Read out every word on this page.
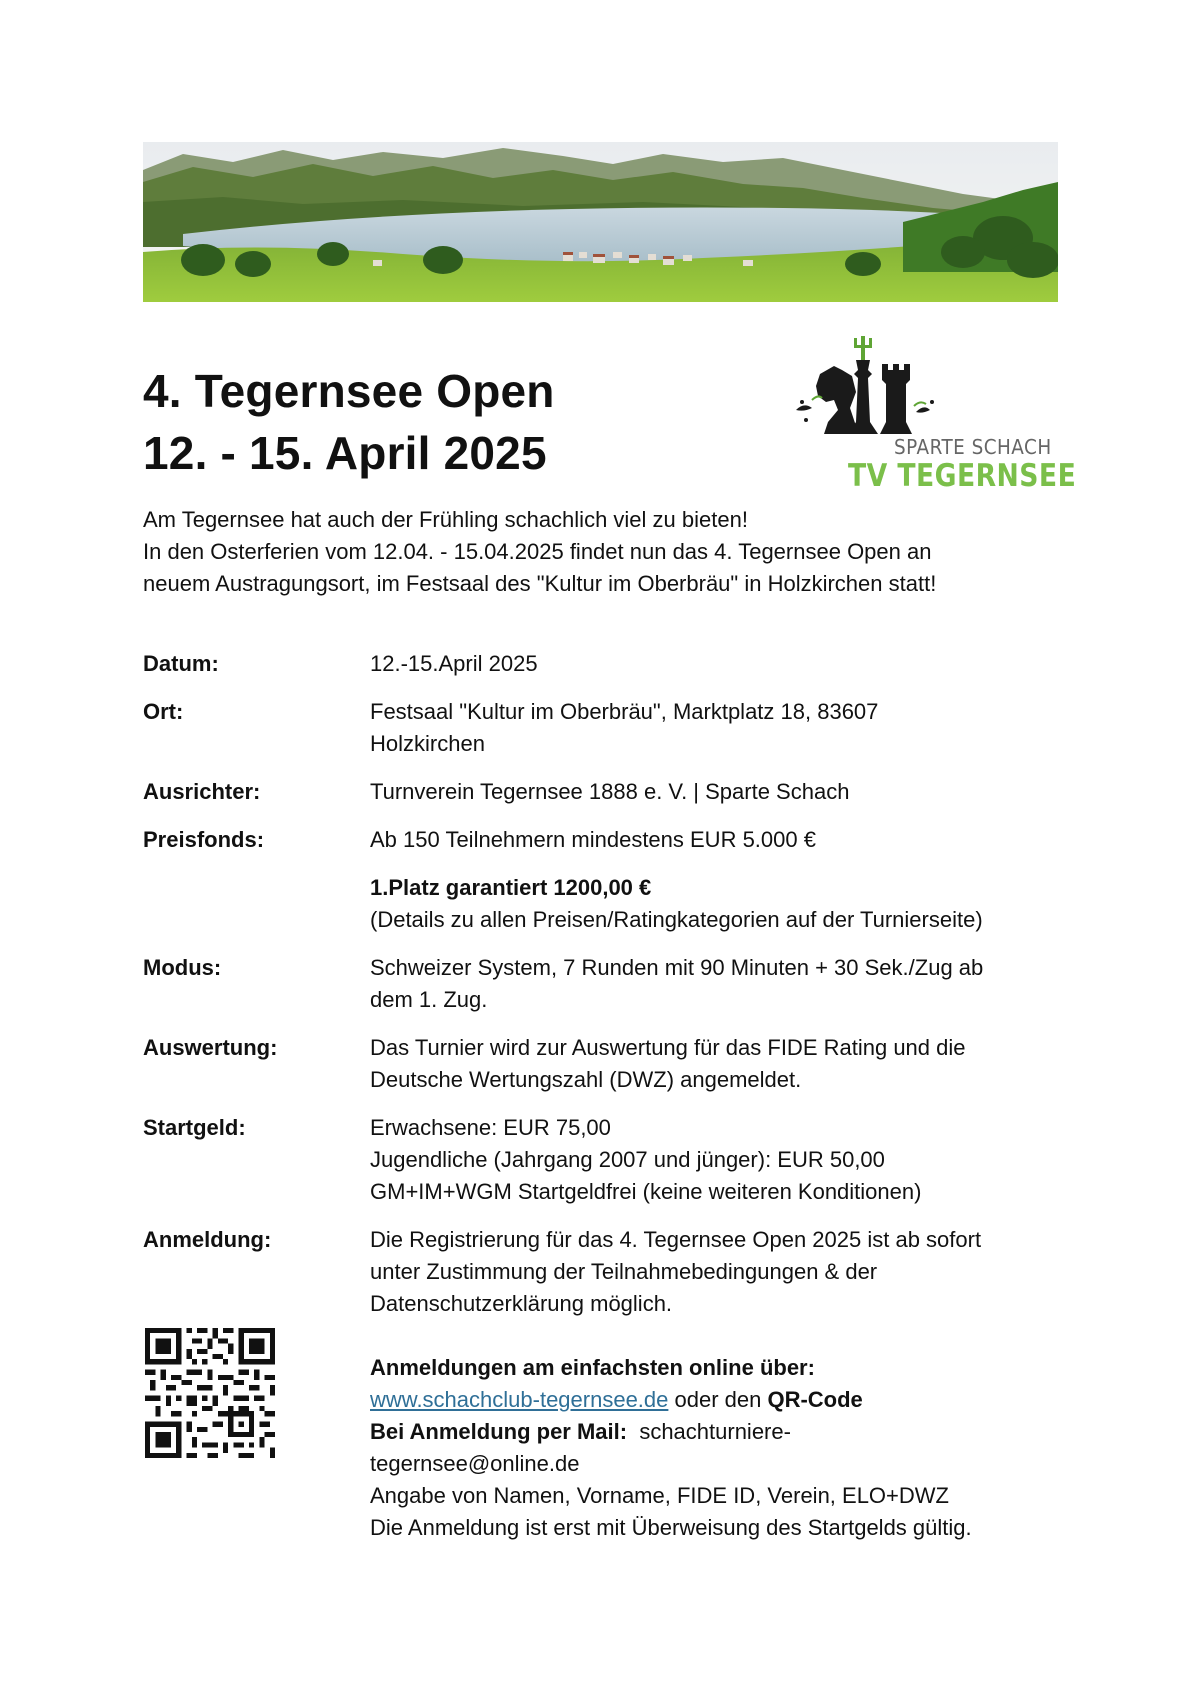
4. Tegernsee Open
12. - 15. April 2025	SPARTE SCHACH
TV TEGERNSEE

Am Tegernsee hat auch der Frühling schachlich viel zu bieten!

In den Osterferien vom 12.04. - 15.04.2025 findet nun das 4. Tegernsee Open an

neuem Austragungsort, im Festsaal des "Kultur im Oberbräu" in Holzkirchen statt!

Datum:	12.-15.April 2025
Ort:	Festsaal "Kultur im Oberbräu", Marktplatz 18, 83607

Holzkirchen

Ausrichter:	Turnverein Tegernsee 1888 e. V. | Sparte Schach
Preisfonds:	Ab 150 Teilnehmern mindestens EUR 5.000 €

1.Platz garantiert 1200,00 €

(Details zu allen Preisen/Ratingkategorien auf der Turnierseite)

Modus:	Schweizer System, 7 Runden mit 90 Minuten + 30 Sek./Zug ab

dem 1. Zug.

Auswertung:	Das Turnier wird zur Auswertung für das FIDE Rating und die

Deutsche Wertungszahl (DWZ) angemeldet.

Startgeld:	Erwachsene: EUR 75,00

Jugendliche (Jahrgang 2007 und jünger): EUR 50,00

GM+IM+WGM Startgeldfrei (keine weiteren Konditionen)

Anmeldung:	Die Registrierung für das 4. Tegernsee Open 2025 ist ab sofort

unter Zustimmung der Teilnahmebedingungen & der

Datenschutzerklärung möglich.

Anmeldungen am einfachsten online über:

www.schachclub-tegernsee.de oder den QR-Code

Bei Anmeldung per Mail:  schachturniere-

tegernsee@online.de

Angabe von Namen, Vorname, FIDE ID, Verein, ELO+DWZ

Die Anmeldung ist erst mit Überweisung des Startgelds gültig.
